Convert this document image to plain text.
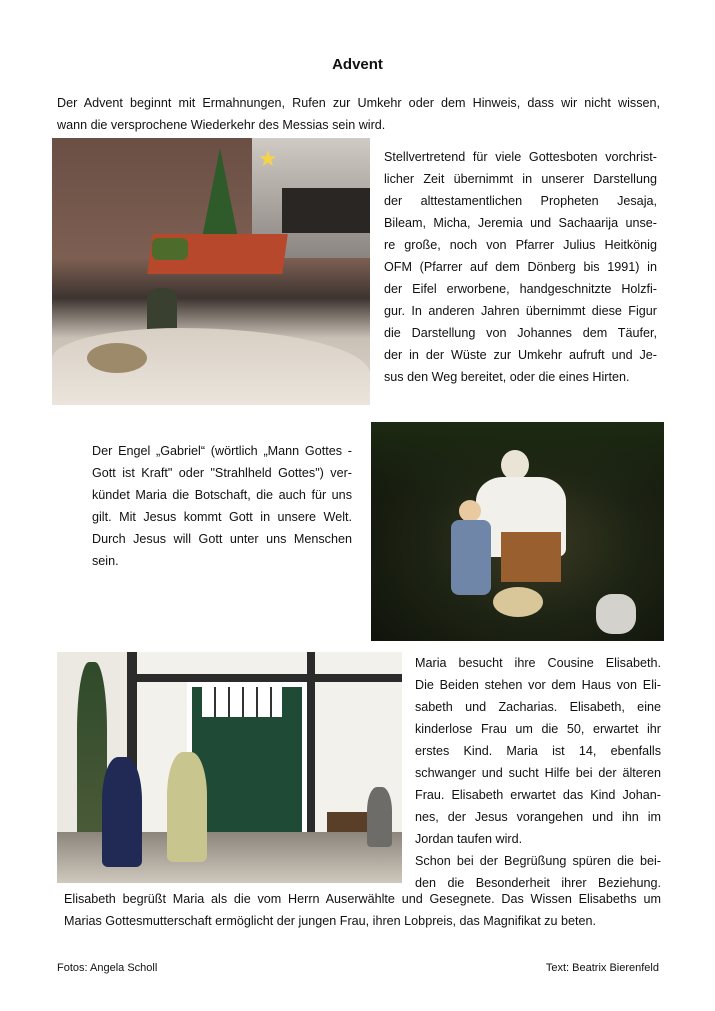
Advent
Der Advent beginnt mit Ermahnungen, Rufen zur Umkehr oder dem Hinweis, dass wir nicht wissen,
wann die versprochene Wiederkehr des Messias sein wird.
★	Stellvertretend für viele Gottesboten vorchrist-
licher Zeit übernimmt in unserer Darstellung
der alttestamentlichen Propheten Jesaja,
Bileam, Micha, Jeremia und Sachaarija unse-
re große, noch von Pfarrer Julius Heitkönig
OFM (Pfarrer auf dem Dönberg bis 1991) in
der Eifel erworbene, handgeschnitzte Holzfi-
gur. In anderen Jahren übernimmt diese Figur
die Darstellung von Johannes dem Täufer,
der in der Wüste zur Umkehr aufruft und Je-
sus den Weg bereitet, oder die eines Hirten.
Der Engel „Gabriel“ (wörtlich „Mann Gottes -
Gott ist Kraft" oder "Strahlheld Gottes") ver-
kündet Maria die Botschaft, die auch für uns
gilt. Mit Jesus kommt Gott in unsere Welt.
Durch Jesus will Gott unter uns Menschen
sein.
Maria besucht ihre Cousine Elisabeth.
Die Beiden stehen vor dem Haus von Eli-
sabeth und Zacharias. Elisabeth, eine
kinderlose Frau um die 50, erwartet ihr
erstes Kind. Maria ist 14, ebenfalls
schwanger und sucht Hilfe bei der älteren
Frau. Elisabeth erwartet das Kind Johan-
nes, der Jesus vorangehen und ihn im
Jordan taufen wird.
Schon bei der Begrüßung spüren die bei-
den die Besonderheit ihrer Beziehung.
Elisabeth begrüßt Maria als die vom Herrn Auserwählte und Gesegnete. Das Wissen Elisabeths um
Marias Gottesmutterschaft ermöglicht der jungen Frau, ihren Lobpreis, das Magnifikat zu beten.
Fotos: Angela Scholl	Text: Beatrix Bierenfeld
